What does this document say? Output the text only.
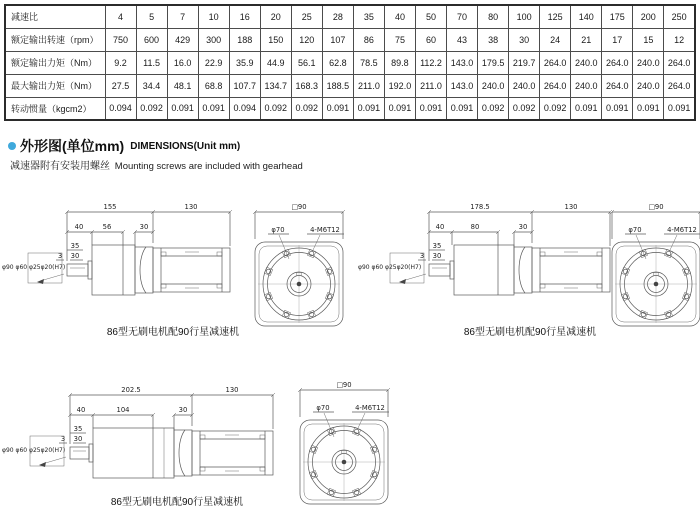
减速比	4	5	7	10	16	20	25	28	35	40	50	70	80	100	125	140	175	200	250
额定输出转速（rpm）	750	600	429	300	188	150	120	107	86	75	60	43	38	30	24	21	17	15	12
额定输出力矩（Nm）	9.2	11.5	16.0	22.9	35.9	44.9	56.1	62.8	78.5	89.8	112.2	143.0	179.5	219.7	264.0	240.0	264.0	240.0	264.0
最大输出力矩（Nm）	27.5	34.4	48.1	68.8	107.7	134.7	168.3	188.5	211.0	192.0	211.0	143.0	240.0	240.0	264.0	240.0	264.0	240.0	264.0
转动惯量（kgcm2）	0.094	0.092	0.091	0.091	0.094	0.092	0.092	0.091	0.091	0.091	0.091	0.091	0.092	0.092	0.092	0.091	0.091	0.091	0.091
外形图(单位mm) DIMENSIONS(Unit mm)
减速器附有安装用螺丝 Mounting screws are included with gearhead
155	130
40	56	30
35
30
3
φ90 φ60 φ25φ20(H7)
□90
φ70	4-M6T12
86型无刷电机配90行星减速机
178.5	130
40	80	30
35
30
3
φ90 φ60 φ25φ20(H7)
□90
φ70	4-M6T12
86型无刷电机配90行星减速机
202.5	130
40	104	30
35
30
3
φ90 φ60 φ25φ20(H7)
□90
φ70	4-M6T12
86型无刷电机配90行星减速机
